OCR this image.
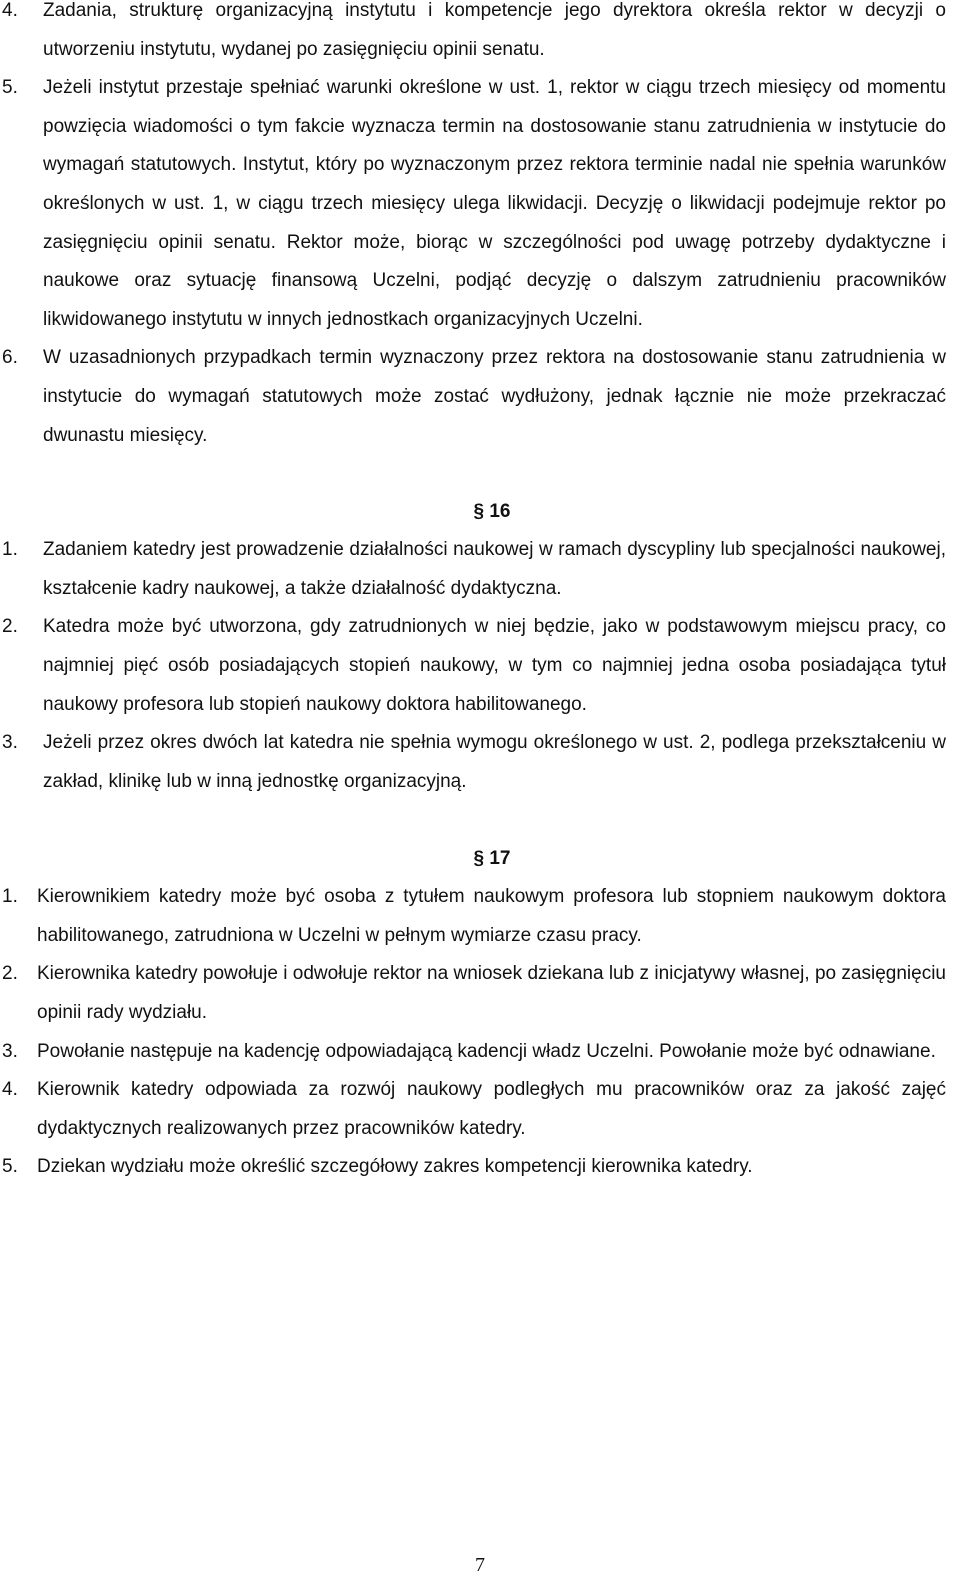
4. Zadania, strukturę organizacyjną instytutu i kompetencje jego dyrektora określa rektor w decyzji o utworzeniu instytutu, wydanej po zasięgnięciu opinii senatu.
5. Jeżeli instytut przestaje spełniać warunki określone w ust. 1, rektor w ciągu trzech miesięcy od momentu powzięcia wiadomości o tym fakcie wyznacza termin na dostosowanie stanu zatrudnienia w instytucie do wymagań statutowych. Instytut, który po wyznaczonym przez rektora terminie nadal nie spełnia warunków określonych w ust. 1, w ciągu trzech miesięcy ulega likwidacji. Decyzję o likwidacji podejmuje rektor po zasięgnięciu opinii senatu. Rektor może, biorąc w szczególności pod uwagę potrzeby dydaktyczne i naukowe oraz sytuację finansową Uczelni, podjąć decyzję o dalszym zatrudnieniu pracowników likwidowanego instytutu w innych jednostkach organizacyjnych Uczelni.
6. W uzasadnionych przypadkach termin wyznaczony przez rektora na dostosowanie stanu zatrudnienia w instytucie do wymagań statutowych może zostać wydłużony, jednak łącznie nie może przekraczać dwunastu miesięcy.
§ 16
1. Zadaniem katedry jest prowadzenie działalności naukowej w ramach dyscypliny lub specjalności naukowej, kształcenie kadry naukowej, a także działalność dydaktyczna.
2. Katedra może być utworzona, gdy zatrudnionych w niej będzie, jako w podstawowym miejscu pracy, co najmniej pięć osób posiadających stopień naukowy, w tym co najmniej jedna osoba posiadająca tytuł naukowy profesora lub stopień naukowy doktora habilitowanego.
3. Jeżeli przez okres dwóch lat katedra nie spełnia wymogu określonego w ust. 2, podlega przekształceniu w zakład, klinikę lub w inną jednostkę organizacyjną.
§ 17
1. Kierownikiem katedry może być osoba z tytułem naukowym profesora lub stopniem naukowym doktora habilitowanego, zatrudniona w Uczelni w pełnym wymiarze czasu pracy.
2. Kierownika katedry powołuje i odwołuje rektor na wniosek dziekana lub z inicjatywy własnej, po zasięgnięciu opinii rady wydziału.
3. Powołanie następuje na kadencję odpowiadającą kadencji władz Uczelni. Powołanie może być odnawiane.
4. Kierownik katedry odpowiada za rozwój naukowy podległych mu pracowników oraz za jakość zajęć dydaktycznych realizowanych przez pracowników katedry.
5. Dziekan wydziału może określić szczegółowy zakres kompetencji kierownika katedry.
7
